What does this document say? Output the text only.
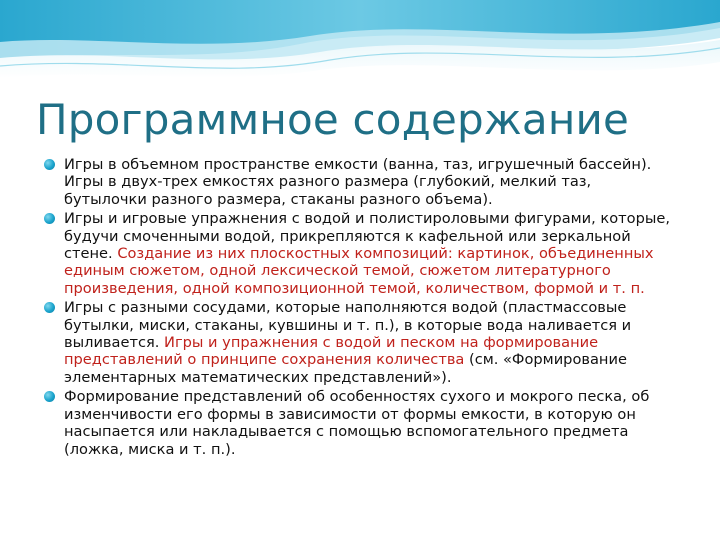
Программное содержание
Игры в объемном пространстве емкости (ванна, таз, игрушечный бассейн). Игры в двух-трех емкостях разного размера (глубокий, мелкий таз, бутылочки разного размера, стаканы разного объема).
Игры и игровые упражнения с водой и полистироловыми фигурами, которые, будучи смоченными водой, прикрепляются к кафельной или зеркальной стене. Создание из них плоскостных композиций: картинок, объединенных единым сюжетом, одной лексической темой, сюжетом литературного произведения, одной композиционной темой, количеством, формой и т. п.
Игры с разными сосудами, которые наполняются водой (пластмассовые бутылки, миски, стаканы, кувшины и т. п.), в которые вода наливается и выливается. Игры и упражнения с водой и песком на формирование представлений о принципе сохранения количества (см. «Формирование элементарных математических представлений»).
Формирование представлений об особенностях сухого и мокрого песка, об изменчивости его формы в зависимости от формы емкости, в которую он насыпается или накладывается с помощью вспомогательного предмета (ложка, миска и т. п.).
